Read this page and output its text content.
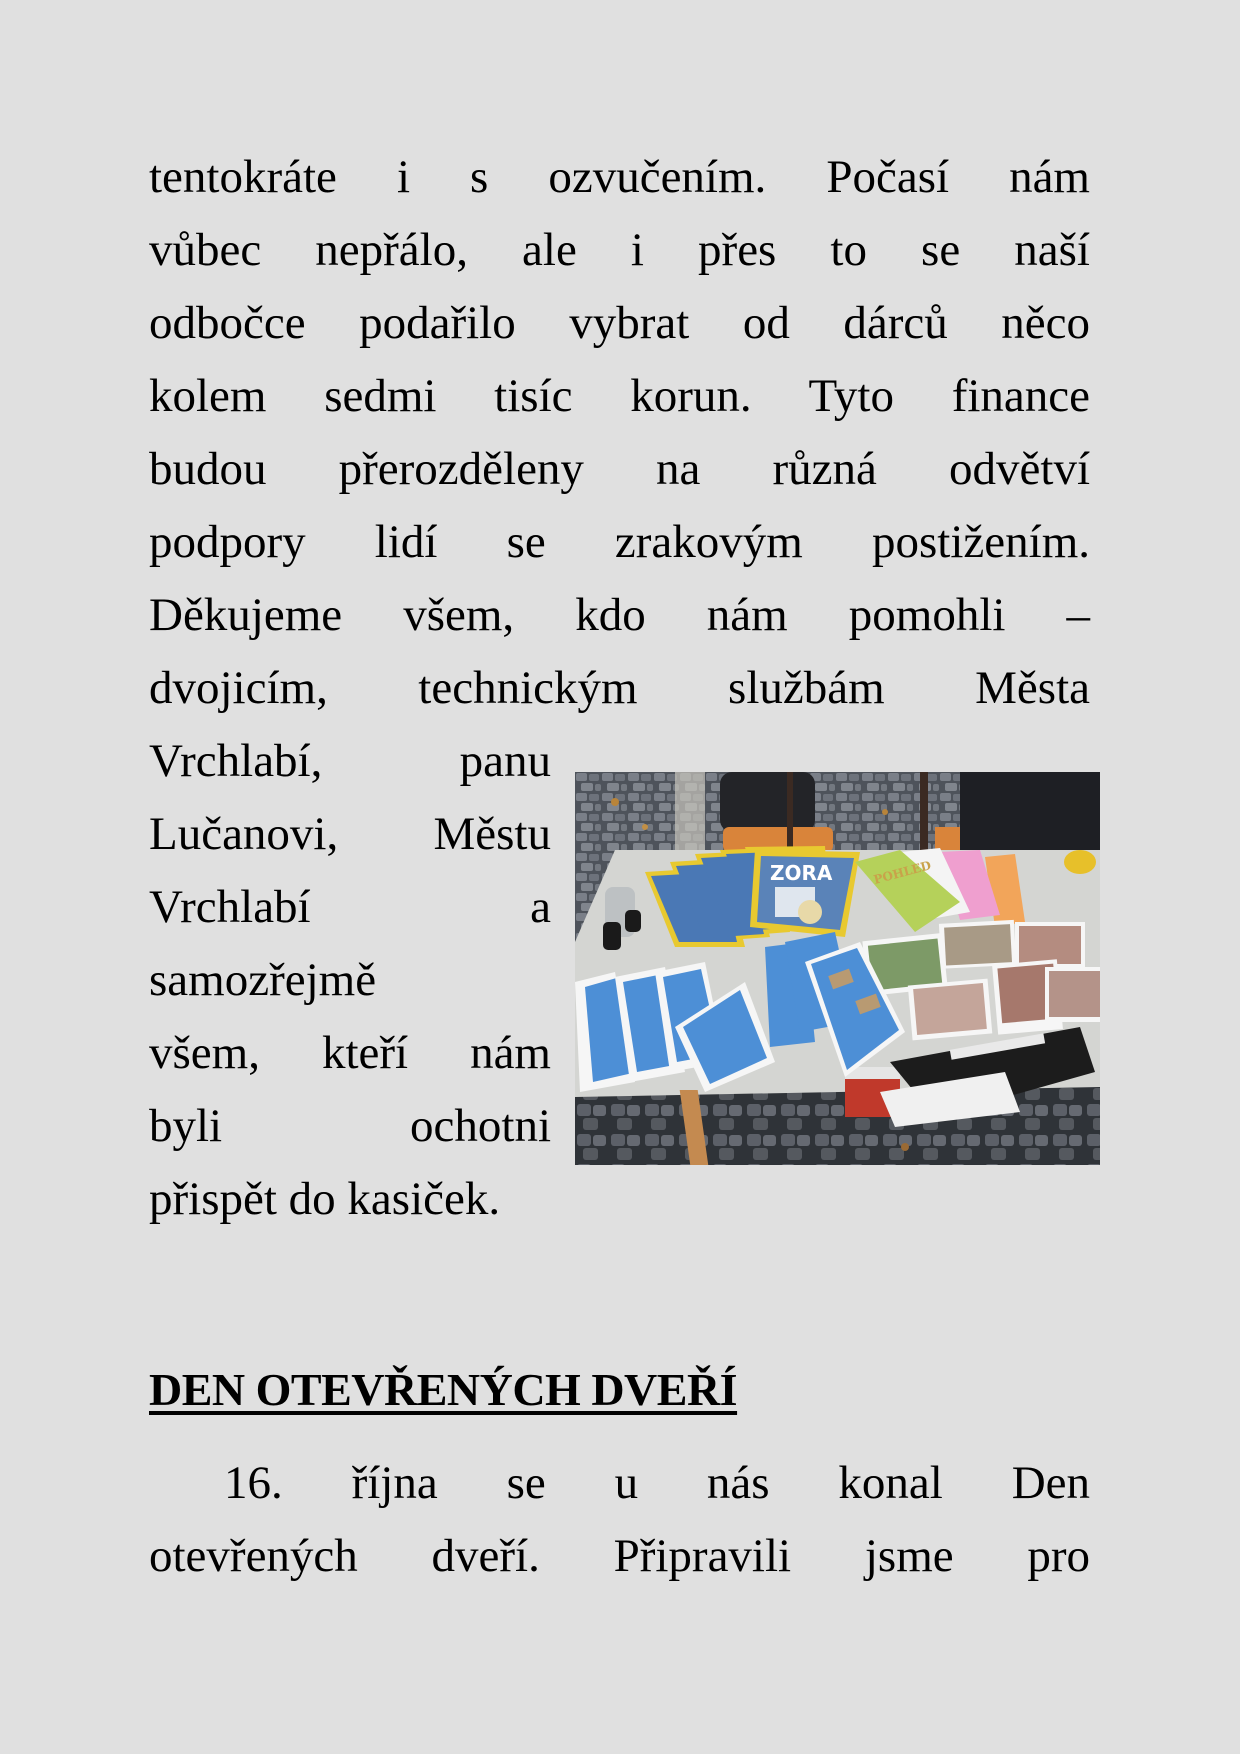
tentokráte i s ozvučením. Počasí nám
vůbec nepřálo, ale i přes to se naší
odbočce podařilo vybrat od dárců něco
kolem sedmi tisíc korun. Tyto finance
budou přerozděleny na různá odvětví
podpory lidí se zrakovým postižením.
Děkujeme všem, kdo nám pomohli –
dvojicím, technickým službám Města
Vrchlabí, panu
Lučanovi, Městu
Vrchlabí a
samozřejmě
všem, kteří nám
byli ochotni
přispět do kasiček.
ZORA	POHLED
DEN OTEVŘENÝCH DVEŘÍ
16. října se u nás konal Den
otevřených dveří. Připravili jsme pro
